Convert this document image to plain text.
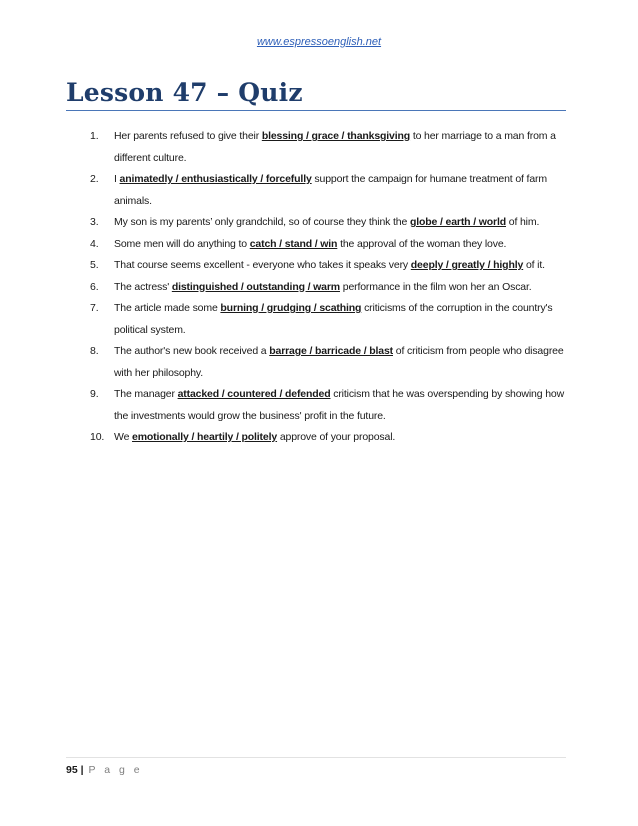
www.espressoenglish.net
Lesson 47 – Quiz
1.	Her parents refused to give their blessing / grace / thanksgiving to her marriage to a man from a different culture.
2.	I animatedly / enthusiastically / forcefully support the campaign for humane treatment of farm animals.
3.	My son is my parents’ only grandchild, so of course they think the globe / earth / world of him.
4.	Some men will do anything to catch / stand / win the approval of the woman they love.
5.	That course seems excellent - everyone who takes it speaks very deeply / greatly / highly of it.
6.	The actress' distinguished / outstanding / warm performance in the film won her an Oscar.
7.	The article made some burning / grudging / scathing criticisms of the corruption in the country's political system.
8.	The author's new book received a barrage / barricade / blast of criticism from people who disagree with her philosophy.
9.	The manager attacked / countered / defended criticism that he was overspending by showing how the investments would grow the business' profit in the future.
10. We emotionally / heartily / politely approve of your proposal.
95 | P a g e
